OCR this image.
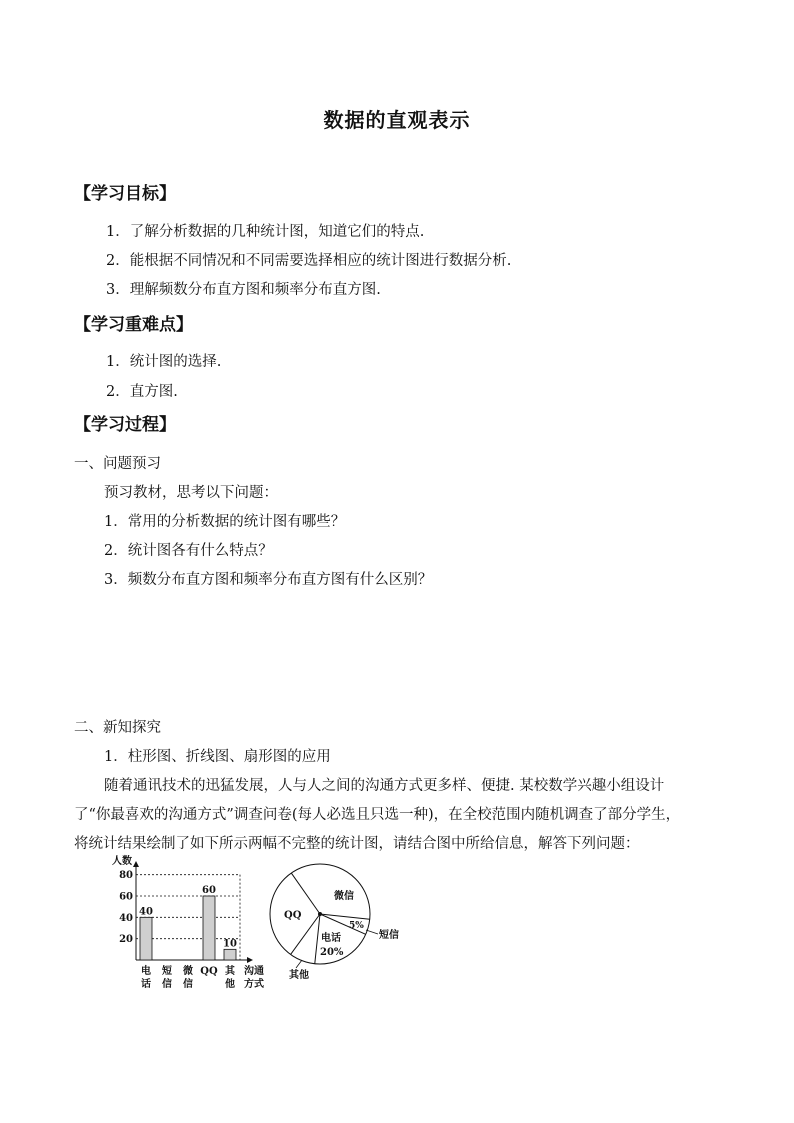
数据的直观表示
【学习目标】
1．了解分析数据的几种统计图，知道它们的特点.
2．能根据不同情况和不同需要选择相应的统计图进行数据分析.
3．理解频数分布直方图和频率分布直方图.
【学习重难点】
1．统计图的选择.
2．直方图.
【学习过程】
一、问题预习
预习教材，思考以下问题：
1．常用的分析数据的统计图有哪些？
2．统计图各有什么特点？
3．频数分布直方图和频率分布直方图有什么区别？
二、新知探究
1．柱形图、折线图、扇形图的应用
随着通讯技术的迅猛发展，人与人之间的沟通方式更多样、便捷. 某校数学兴趣小组设计
了“你最喜欢的沟通方式”调查问卷(每人必选且只选一种)，在全校范围内随机调查了部分学生，
将统计结果绘制了如下所示两幅不完整的统计图，请结合图中所给信息，解答下列问题：
人数
20
40
60
80
40
电
话
短
信
微
信
60
QQ
10
其
他
沟通
方式
微信
QQ
5%
电话
20%
短信
其他
